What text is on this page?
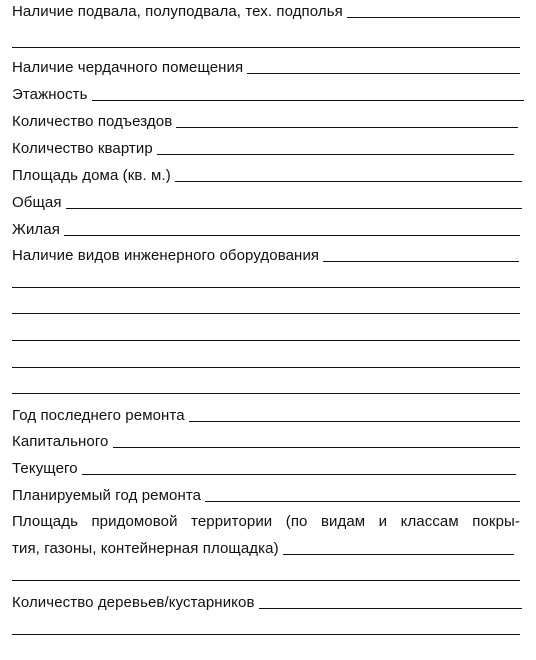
Наличие подвала, полуподвала, тех. подполья
Наличие чердачного помещения
Этажность
Количество подъездов
Количество квартир
Площадь дома (кв. м.)
Общая
Жилая
Наличие видов инженерного оборудования
Год последнего ремонта
Капитального
Текущего
Планируемый год ремонта
Площадь придомовой территории (по видам и классам покры-
тия, газоны, контейнерная площадка)
Количество деревьев/кустарников
